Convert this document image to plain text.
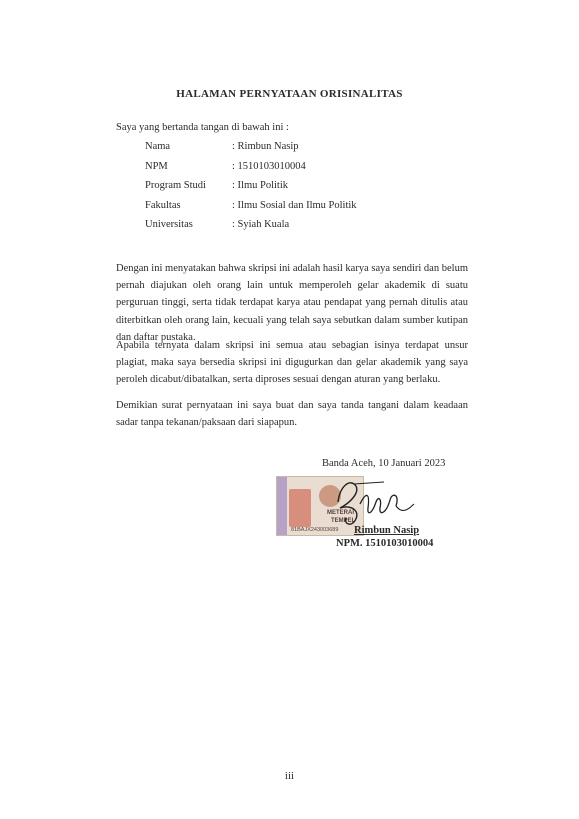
HALAMAN PERNYATAAN ORISINALITAS
Saya yang bertanda tangan di bawah ini :
Nama	: Rimbun Nasip
NPM	: 1510103010004
Program Studi	: Ilmu Politik
Fakultas	: Ilmu Sosial dan Ilmu Politik
Universitas	: Syiah Kuala
Dengan ini menyatakan bahwa skripsi ini adalah hasil karya saya sendiri dan belum pernah diajukan oleh orang lain untuk memperoleh gelar akademik di suatu perguruan tinggi, serta tidak terdapat karya atau pendapat yang pernah ditulis atau diterbitkan oleh orang lain, kecuali yang telah saya sebutkan dalam sumber kutipan dan daftar pustaka.
Apabila ternyata dalam skripsi ini semua atau sebagian isinya terdapat unsur plagiat, maka saya bersedia skripsi ini digugurkan dan gelar akademik yang saya peroleh dicabut/dibatalkan, serta diproses sesuai dengan aturan yang berlaku.
Demikian surat pernyataan ini saya buat dan saya tanda tangani dalam keadaan sadar tanpa tekanan/paksaan dari siapapun.
Banda Aceh, 10 Januari 2023
METERAI
TEMPEL
81BAJX243003689 Rimbun Nasip
NPM. 1510103010004
iii
